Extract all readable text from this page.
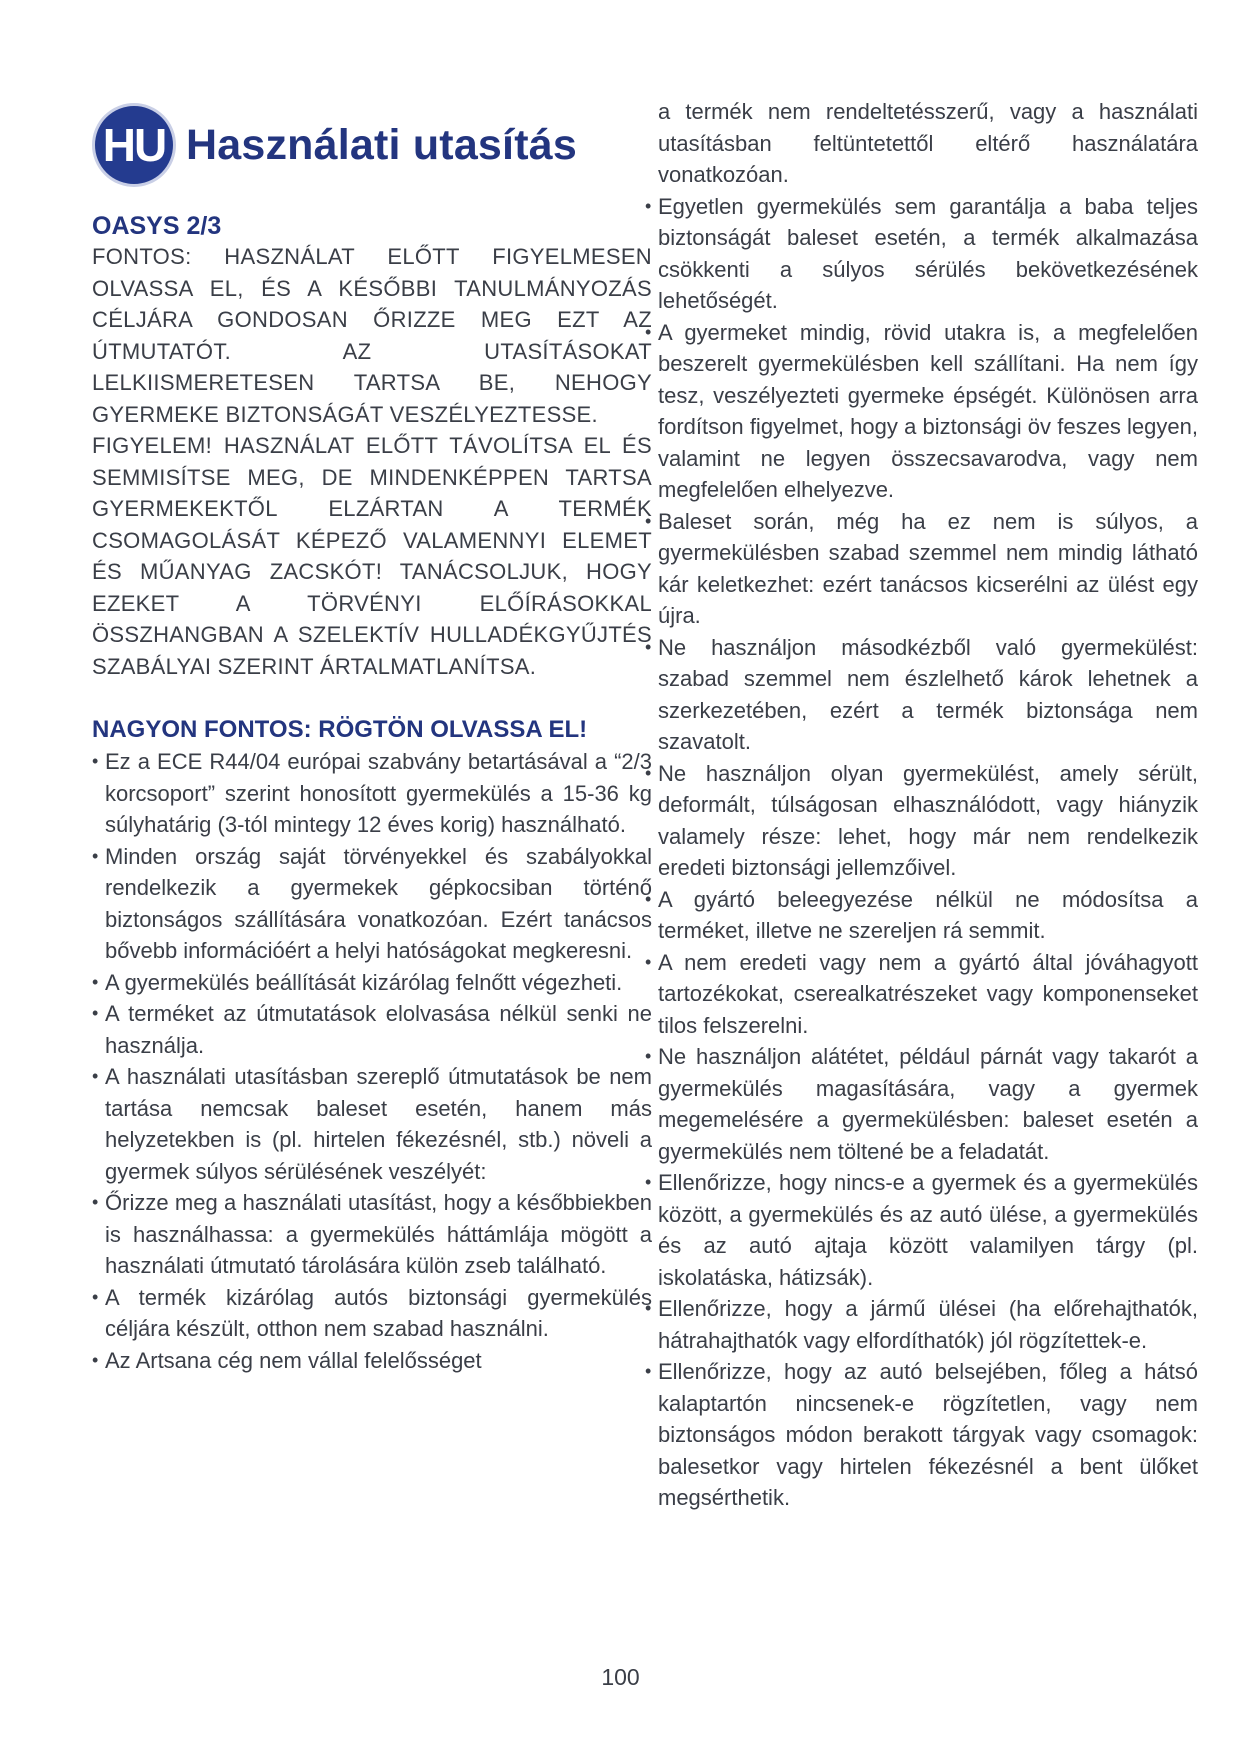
HU Használati utasítás
OASYS 2/3

FONTOS: HASZNÁLAT ELŐTT FIGYELMESEN OLVASSA EL, ÉS A KÉSŐBBI TANULMÁNYOZÁS CÉLJÁRA GONDOSAN ŐRIZZE MEG EZT AZ ÚTMUTATÓT. AZ UTASÍTÁSOKAT LELKIISMERETESEN TARTSA BE, NEHOGY GYERMEKE BIZTONSÁGÁT VESZÉLYEZTESSE.

FIGYELEM! HASZNÁLAT ELŐTT TÁVOLÍTSA EL ÉS SEMMISÍTSE MEG, DE MINDENKÉPPEN TARTSA GYERMEKEKTŐL ELZÁRTAN A TERMÉK CSOMAGOLÁSÁT KÉPEZŐ VALAMENNYI ELEMET ÉS MŰANYAG ZACSKÓT! TANÁCSOLJUK, HOGY EZEKET A TÖRVÉNYI ELŐÍRÁSOKKAL ÖSSZHANGBAN A SZELEKTÍV HULLADÉKGYŰJTÉS SZABÁLYAI SZERINT ÁRTALMATLANÍTSA.

NAGYON FONTOS: RÖGTÖN OLVASSA EL!
• Ez a ECE R44/04 európai szabvány betartásával a “2/3 korcsoport” szerint honosított gyermekülés a 15-36 kg súlyhatárig (3-tól mintegy 12 éves korig) használható.
• Minden ország saját törvényekkel és szabályokkal rendelkezik a gyermekek gépkocsiban történő biztonságos szállítására vonatkozóan. Ezért tanácsos bővebb információért a helyi hatóságokat megkeresni.
• A gyermekülés beállítását kizárólag felnőtt végezheti.
• A terméket az útmutatások elolvasása nélkül senki ne használja.
• A használati utasításban szereplő útmutatások be nem tartása nemcsak baleset esetén, hanem más helyzetekben is (pl. hirtelen fékezésnél, stb.) növeli a gyermek súlyos sérülésének veszélyét:
• Őrizze meg a használati utasítást, hogy a későbbiekben is használhassa: a gyermekülés háttámlája mögött a használati útmutató tárolására külön zseb található.
• A termék kizárólag autós biztonsági gyermekülés céljára készült, otthon nem szabad használni.
• Az Artsana cég nem vállal felelősséget

a termék nem rendeltetésszerű, vagy a használati utasításban feltüntetettől eltérő használatára vonatkozóan.

• Egyetlen gyermekülés sem garantálja a baba teljes biztonságát baleset esetén, a termék alkalmazása csökkenti a súlyos sérülés bekövetkezésének lehetőségét.
• A gyermeket mindig, rövid utakra is, a megfelelően beszerelt gyermekülésben kell szállítani. Ha nem így tesz, veszélyezteti gyermeke épségét. Különösen arra fordítson figyelmet, hogy a biztonsági öv feszes legyen, valamint ne legyen összecsavarodva, vagy nem megfelelően elhelyezve.
• Baleset során, még ha ez nem is súlyos, a gyermekülésben szabad szemmel nem mindig látható kár keletkezhet: ezért tanácsos kicserélni az ülést egy újra.
• Ne használjon másodkézből való gyermekülést: szabad szemmel nem észlelhető károk lehetnek a szerkezetében, ezért a termék biztonsága nem szavatolt.
• Ne használjon olyan gyermekülést, amely sérült, deformált, túlságosan elhasználódott, vagy hiányzik valamely része: lehet, hogy már nem rendelkezik eredeti biztonsági jellemzőivel.
• A gyártó beleegyezése nélkül ne módosítsa a terméket, illetve ne szereljen rá semmit.
• A nem eredeti vagy nem a gyártó által jóváhagyott tartozékokat, cserealkatrészeket vagy komponenseket tilos felszerelni.
• Ne használjon alátétet, például párnát vagy takarót a gyermekülés magasítására, vagy a gyermek megemelésére a gyermekülésben: baleset esetén a gyermekülés nem töltené be a feladatát.
• Ellenőrizze, hogy nincs-e a gyermek és a gyermekülés között, a gyermekülés és az autó ülése, a gyermekülés és az autó ajtaja között valamilyen tárgy (pl. iskolatáska, hátizsák).
• Ellenőrizze, hogy a jármű ülései (ha előrehajthatók, hátrahajthatók vagy elfordíthatók) jól rögzítettek-e.
• Ellenőrizze, hogy az autó belsejében, főleg a hátsó kalaptartón nincsenek-e rögzítetlen, vagy nem biztonságos módon berakott tárgyak vagy csomagok: balesetkor vagy hirtelen fékezésnél a bent ülőket megsérthetik.
100
